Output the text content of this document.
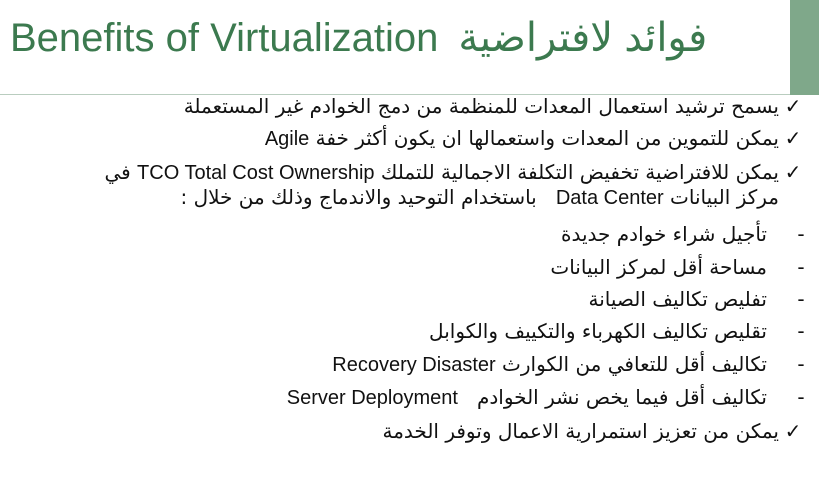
Benefits of Virtualization فوائد لافتراضية
✓
يسمح ترشيد استعمال المعدات للمنظمة من دمج الخوادم غير المستعملة
✓
يمكن للتموين من المعدات واستعمالها ان يكون أكثر خفة Agile
✓
يمكن للافتراضية تخفيض التكلفة الاجمالية للتملك TCO Total Cost Ownership في
مركز البيانات Data Center   باستخدام التوحيد والاندماج وذلك من خلال :
-
تأجيل شراء خوادم جديدة
-
مساحة أقل لمركز البيانات
-
تفليص تكاليف الصيانة
-
تقليص تكاليف الكهرباء والتكييف والكوابل
-
تكاليف أقل للتعافي من الكوارث Recovery Disaster
-
تكاليف أقل فيما يخص نشر الخوادم   Server Deployment
✓
يمكن من تعزيز استمرارية الاعمال وتوفر الخدمة
